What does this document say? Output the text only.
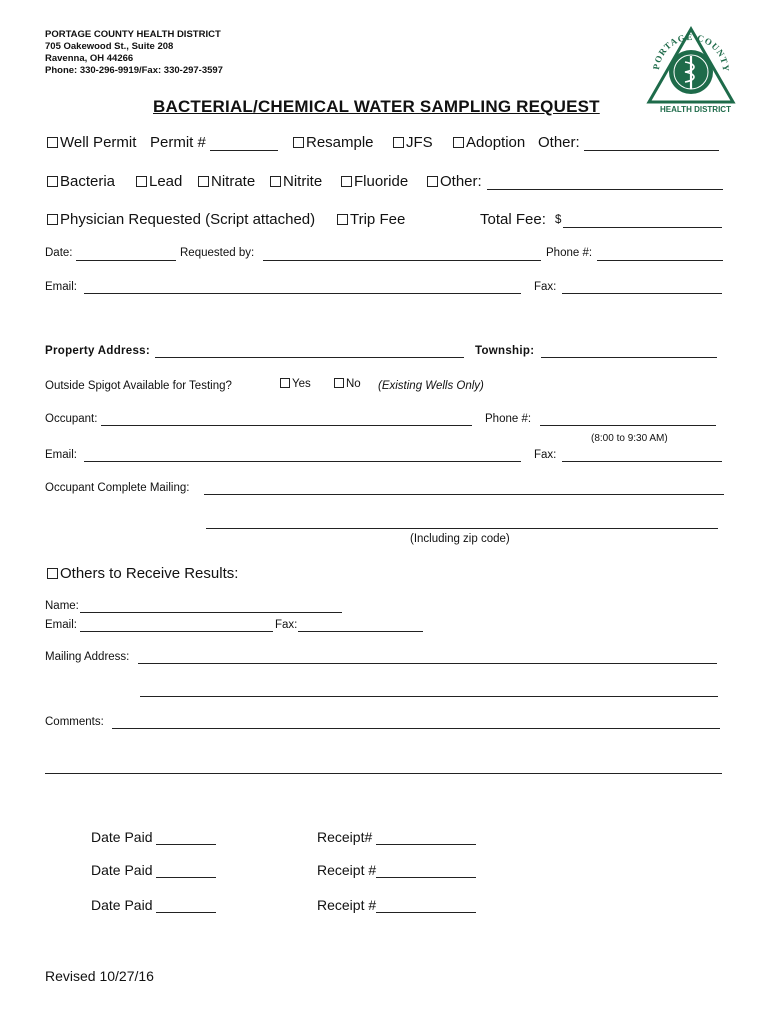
PORTAGE COUNTY HEALTH DISTRICT
705 Oakewood St., Suite 208
Ravenna, OH 44266
Phone: 330-296-9919/Fax: 330-297-3597	PORTAGE COUNTY
HEALTH DISTRICT
BACTERIAL/CHEMICAL WATER SAMPLING REQUEST
Well Permit Permit #	Resample	JFS	Adoption Other:
Bacteria	Lead	Nitrate	Nitrite	Fluoride	Other:
Physician Requested (Script attached)	Trip Fee	Total Fee: $
Date:	Requested by:	Phone #:
Email:	Fax:
Property Address:	Township:
Outside Spigot Available for Testing?	Yes	No (Existing Wells Only)
Occupant:	Phone #:
(8:00 to 9:30 AM)
Email:	Fax:
Occupant Complete Mailing:
(Including zip code)
Others to Receive Results:
Name:
Email:	Fax:
Mailing Address:
Comments:
Date Paid	Receipt#
Date Paid	Receipt #
Date Paid	Receipt #
Revised 10/27/16
